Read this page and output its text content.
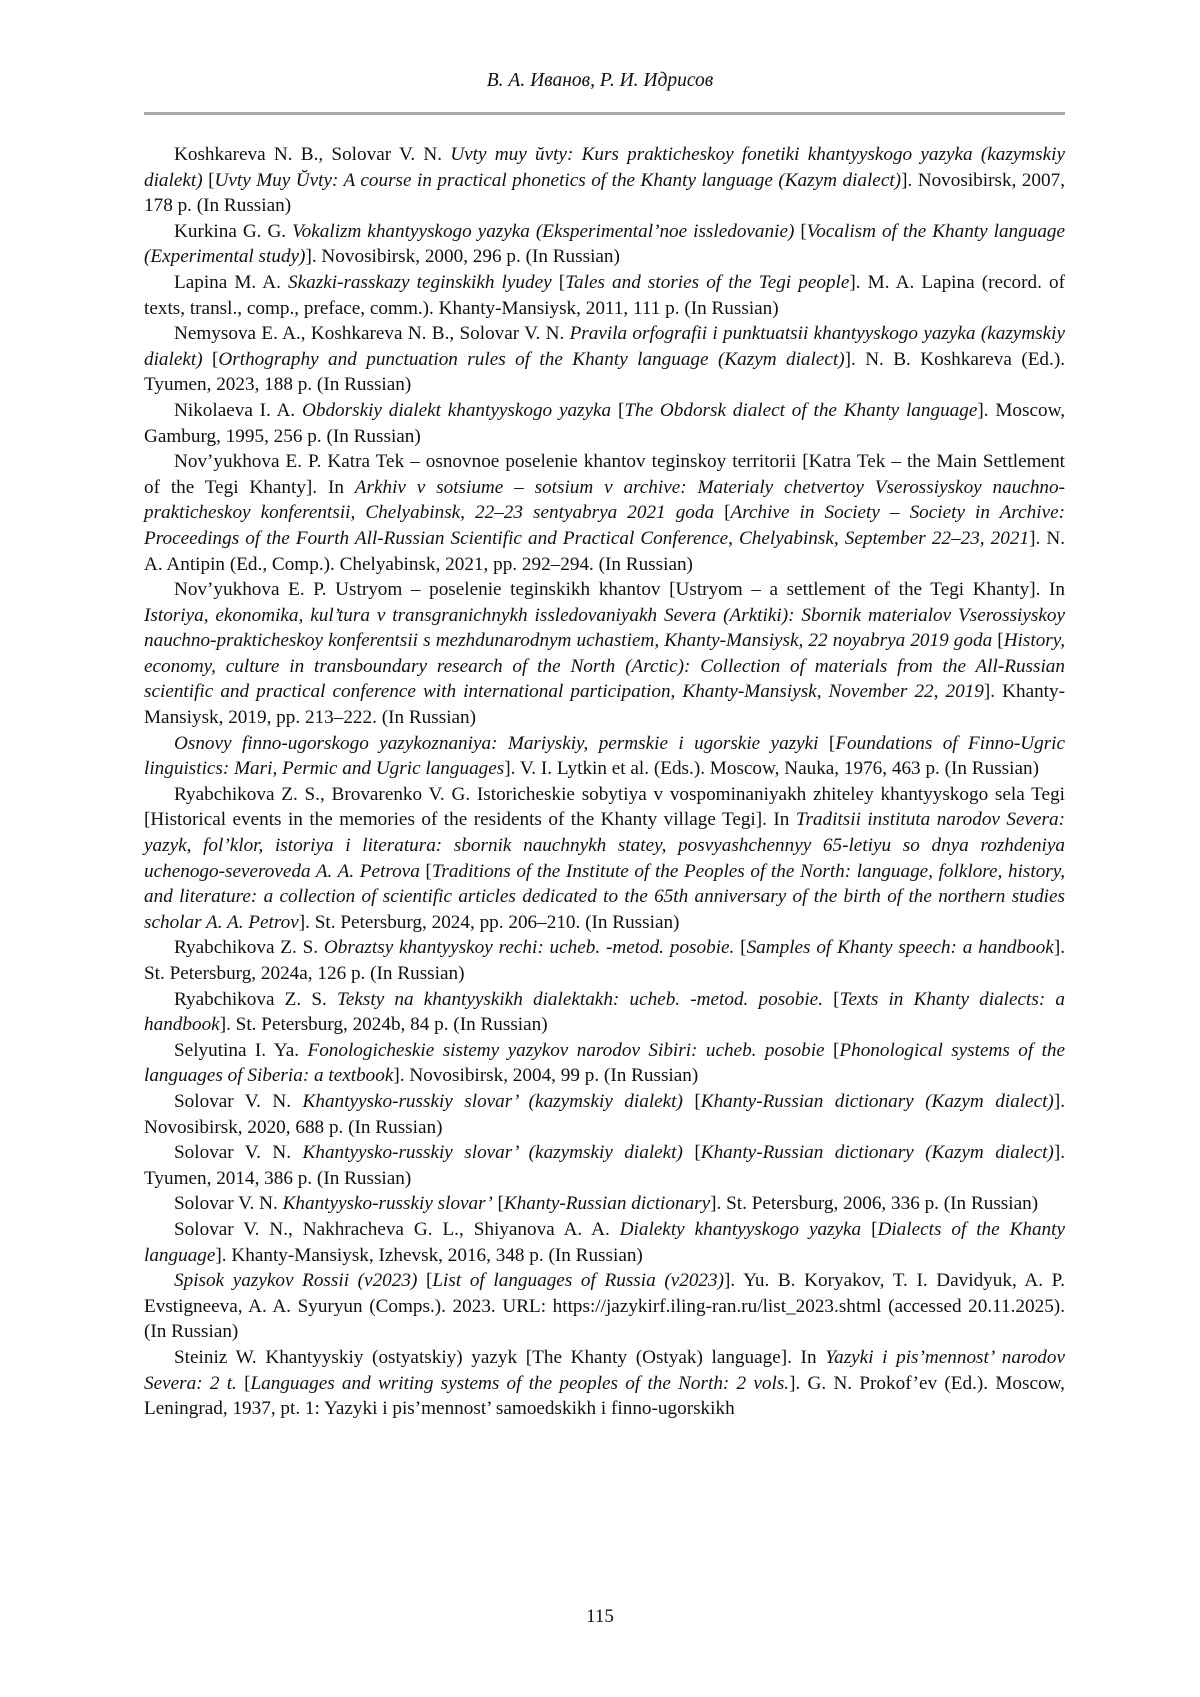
В. А. Иванов, Р. И. Идрисов

Koshkareva N. B., Solovar V. N. Uvty muy ŭvty: Kurs prakticheskoy fonetiki khantyyskogo yazyka (kazymskiy dialekt) [Uvty Muy Ŭvty: A course in practical phonetics of the Khanty language (Kazym dialect)]. Novosibirsk, 2007, 178 p. (In Russian)

Kurkina G. G. Vokalizm khantyyskogo yazyka (Eksperimental’noe issledovanie) [Vocalism of the Khanty language (Experimental study)]. Novosibirsk, 2000, 296 p. (In Russian)

Lapina M. A. Skazki-rasskazy teginskikh lyudey [Tales and stories of the Tegi people]. M. A. Lapina (record. of texts, transl., comp., preface, comm.). Khanty-Mansiysk, 2011, 111 p. (In Russian)

Nemysova E. A., Koshkareva N. B., Solovar V. N. Pravila orfografii i punktuatsii khantyyskogo yazyka (kazymskiy dialekt) [Orthography and punctuation rules of the Khanty language (Kazym dialect)]. N. B. Koshkareva (Ed.). Tyumen, 2023, 188 p. (In Russian)

Nikolaeva I. A. Obdorskiy dialekt khantyyskogo yazyka [The Obdorsk dialect of the Khanty language]. Moscow, Gamburg, 1995, 256 p. (In Russian)

Nov’yukhova E. P. Katra Tek – osnovnoe poselenie khantov teginskoy territorii [Katra Tek – the Main Settlement of the Tegi Khanty]. In Arkhiv v sotsiume – sotsium v archive: Materialy chetvertoy Vserossiyskoy nauchno-prakticheskoy konferentsii, Chelyabinsk, 22–23 sentyabrya 2021 goda [Archive in Society – Society in Archive: Proceedings of the Fourth All-Russian Scientific and Practical Conference, Chelyabinsk, September 22–23, 2021]. N. A. Antipin (Ed., Comp.). Chelyabinsk, 2021, pp. 292–294. (In Russian)

Nov’yukhova E. P. Ustryom – poselenie teginskikh khantov [Ustryom – a settlement of the Tegi Khanty]. In Istoriya, ekonomika, kul’tura v transgranichnykh issledovaniyakh Severa (Arktiki): Sbornik materialov Vserossiyskoy nauchno-prakticheskoy konferentsii s mezhdunarodnym uchastiem, Khanty-Mansiysk, 22 noyabrya 2019 goda [History, economy, culture in transboundary research of the North (Arctic): Collection of materials from the All-Russian scientific and practical conference with international participation, Khanty-Mansiysk, November 22, 2019]. Khanty-Mansiysk, 2019, pp. 213–222. (In Russian)

Osnovy finno-ugorskogo yazykoznaniya: Mariyskiy, permskie i ugorskie yazyki [Foundations of Finno-Ugric linguistics: Mari, Permic and Ugric languages]. V. I. Lytkin et al. (Eds.). Moscow, Nauka, 1976, 463 p. (In Russian)

Ryabchikova Z. S., Brovarenko V. G. Istoricheskie sobytiya v vospominaniyakh zhiteley khantyyskogo sela Tegi [Historical events in the memories of the residents of the Khanty village Tegi]. In Traditsii instituta narodov Severa: yazyk, fol’klor, istoriya i literatura: sbornik nauchnykh statey, posvyashchennyy 65-letiyu so dnya rozhdeniya uchenogo-severoveda A. A. Petrova [Traditions of the Institute of the Peoples of the North: language, folklore, history, and literature: a collection of scientific articles dedicated to the 65th anniversary of the birth of the northern studies scholar A. A. Petrov]. St. Petersburg, 2024, pp. 206–210. (In Russian)

Ryabchikova Z. S. Obraztsy khantyyskoy rechi: ucheb. -metod. posobie. [Samples of Khanty speech: a handbook]. St. Petersburg, 2024a, 126 p. (In Russian)

Ryabchikova Z. S. Teksty na khantyyskikh dialektakh: ucheb. -metod. posobie. [Texts in Khanty dialects: a handbook]. St. Petersburg, 2024b, 84 p. (In Russian)

Selyutina I. Ya. Fonologicheskie sistemy yazykov narodov Sibiri: ucheb. posobie [Phonological systems of the languages of Siberia: a textbook]. Novosibirsk, 2004, 99 p. (In Russian)

Solovar V. N. Khantyysko-russkiy slovar’ (kazymskiy dialekt) [Khanty-Russian dictionary (Kazym dialect)]. Novosibirsk, 2020, 688 p. (In Russian)

Solovar V. N. Khantyysko-russkiy slovar’ (kazymskiy dialekt) [Khanty-Russian dictionary (Kazym dialect)]. Tyumen, 2014, 386 p. (In Russian)

Solovar V. N. Khantyysko-russkiy slovar’ [Khanty-Russian dictionary]. St. Petersburg, 2006, 336 p. (In Russian)

Solovar V. N., Nakhracheva G. L., Shiyanova A. A. Dialekty khantyyskogo yazyka [Dialects of the Khanty language]. Khanty-Mansiysk, Izhevsk, 2016, 348 p. (In Russian)

Spisok yazykov Rossii (v2023) [List of languages of Russia (v2023)]. Yu. B. Koryakov, T. I. Davidyuk, A. P. Evstigneeva, A. A. Syuryun (Comps.). 2023. URL: https://jazykirf.iling-ran.ru/list_2023.shtml (accessed 20.11.2025). (In Russian)

Steiniz W. Khantyyskiy (ostyatskiy) yazyk [The Khanty (Ostyak) language]. In Yazyki i pis’mennost’ narodov Severa: 2 t. [Languages and writing systems of the peoples of the North: 2 vols.]. G. N. Prokof’ev (Ed.). Moscow, Leningrad, 1937, pt. 1: Yazyki i pis’mennost’ samoedskikh i finno-ugorskikh

115
